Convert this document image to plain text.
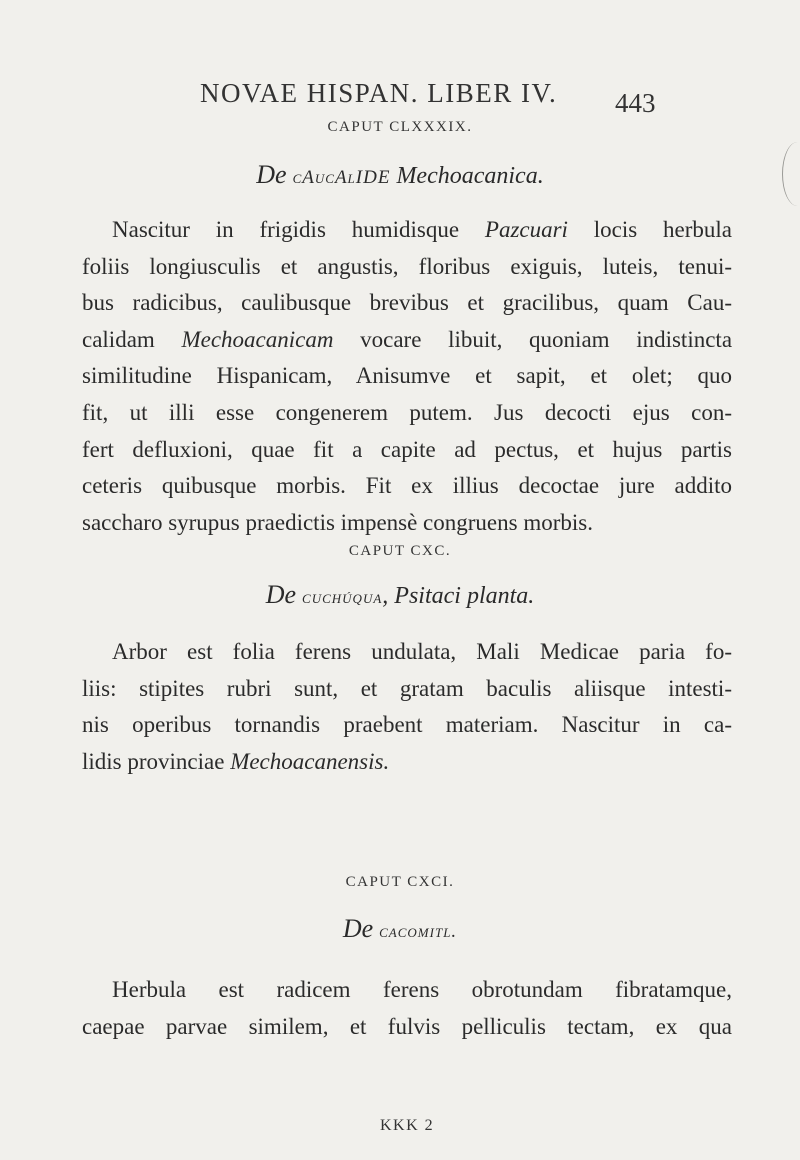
NOVAE HISPAN. LIBER IV. 443
CAPUT CLXXXIX.
De cAucAlIDE Mechoacanica.
Nascitur in frigidis humidisque Pazcuari locis herbula
foliis longiusculis et angustis, floribus exiguis, luteis, tenui-
bus radicibus, caulibusque brevibus et gracilibus, quam Cau-
calidam Mechoacanicam vocare libuit, quoniam indistincta
similitudine Hispanicam, Anisumve et sapit, et olet; quo
fit, ut illi esse congenerem putem. Jus decocti ejus con-
fert defluxioni, quae fit a capite ad pectus, et hujus partis
ceteris quibusque morbis. Fit ex illius decoctae jure addito
saccharo syrupus praedictis impensè congruens morbis.
CAPUT CXC.
De cuchúqua, Psitaci planta.
Arbor est folia ferens undulata, Mali Medicae paria fo-
liis: stipites rubri sunt, et gratam baculis aliisque intesti-
nis operibus tornandis praebent materiam. Nascitur in ca-
lidis provinciae Mechoacanensis.
CAPUT CXCI.
De cacomitl.
Herbula est radicem ferens obrotundam fibratamque,
caepae parvae similem, et fulvis pelliculis tectam, ex qua
KKK 2
